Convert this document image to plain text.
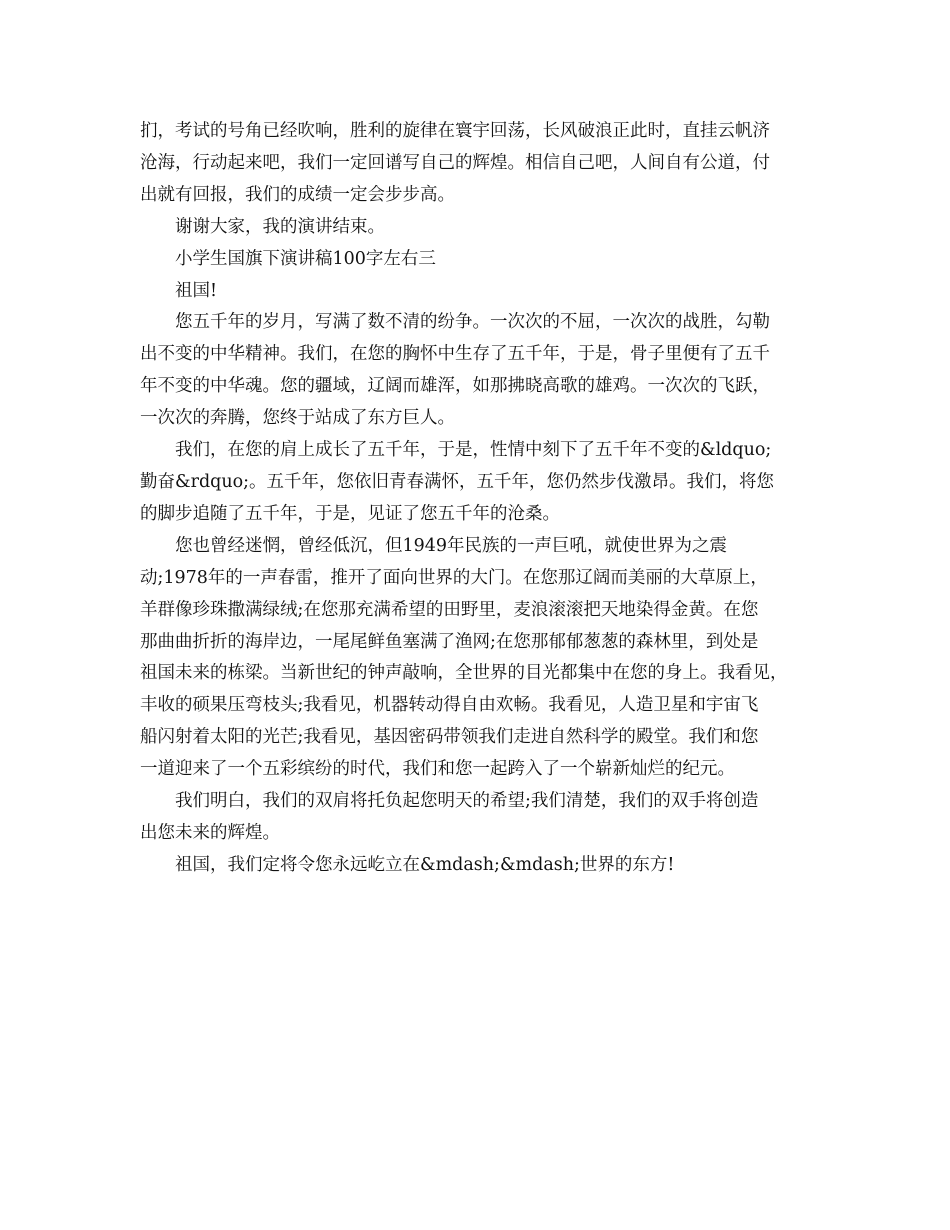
扪，考试的号角已经吹响，胜利的旋律在寰宇回荡，长风破浪正此时，直挂云帆济
沧海，行动起来吧，我们一定回谱写自己的辉煌。相信自己吧，人间自有公道，付
出就有回报，我们的成绩一定会步步高。

谢谢大家，我的演讲结束。

小学生国旗下演讲稿100字左右三

祖国!

您五千年的岁月，写满了数不清的纷争。一次次的不屈，一次次的战胜，勾勒
出不变的中华精神。我们，在您的胸怀中生存了五千年，于是，骨子里便有了五千
年不变的中华魂。您的疆域，辽阔而雄浑，如那拂晓高歌的雄鸡。一次次的飞跃，
一次次的奔腾，您终于站成了东方巨人。

我们，在您的肩上成长了五千年，于是，性情中刻下了五千年不变的&ldquo;
勤奋&rdquo;。五千年，您依旧青春满怀，五千年，您仍然步伐激昂。我们，将您
的脚步追随了五千年，于是，见证了您五千年的沧桑。

您也曾经迷惘，曾经低沉，但1949年民族的一声巨吼，就使世界为之震
动;1978年的一声春雷，推开了面向世界的大门。在您那辽阔而美丽的大草原上，
羊群像珍珠撒满绿绒;在您那充满希望的田野里，麦浪滚滚把天地染得金黄。在您
那曲曲折折的海岸边，一尾尾鲜鱼塞满了渔网;在您那郁郁葱葱的森林里，到处是
祖国未来的栋梁。当新世纪的钟声敲响，全世界的目光都集中在您的身上。我看见，
丰收的硕果压弯枝头;我看见，机器转动得自由欢畅。我看见，人造卫星和宇宙飞
船闪射着太阳的光芒;我看见，基因密码带领我们走进自然科学的殿堂。我们和您
一道迎来了一个五彩缤纷的时代，我们和您一起跨入了一个崭新灿烂的纪元。

我们明白，我们的双肩将托负起您明天的希望;我们清楚，我们的双手将创造
出您未来的辉煌。

祖国，我们定将令您永远屹立在&mdash;&mdash;世界的东方!
